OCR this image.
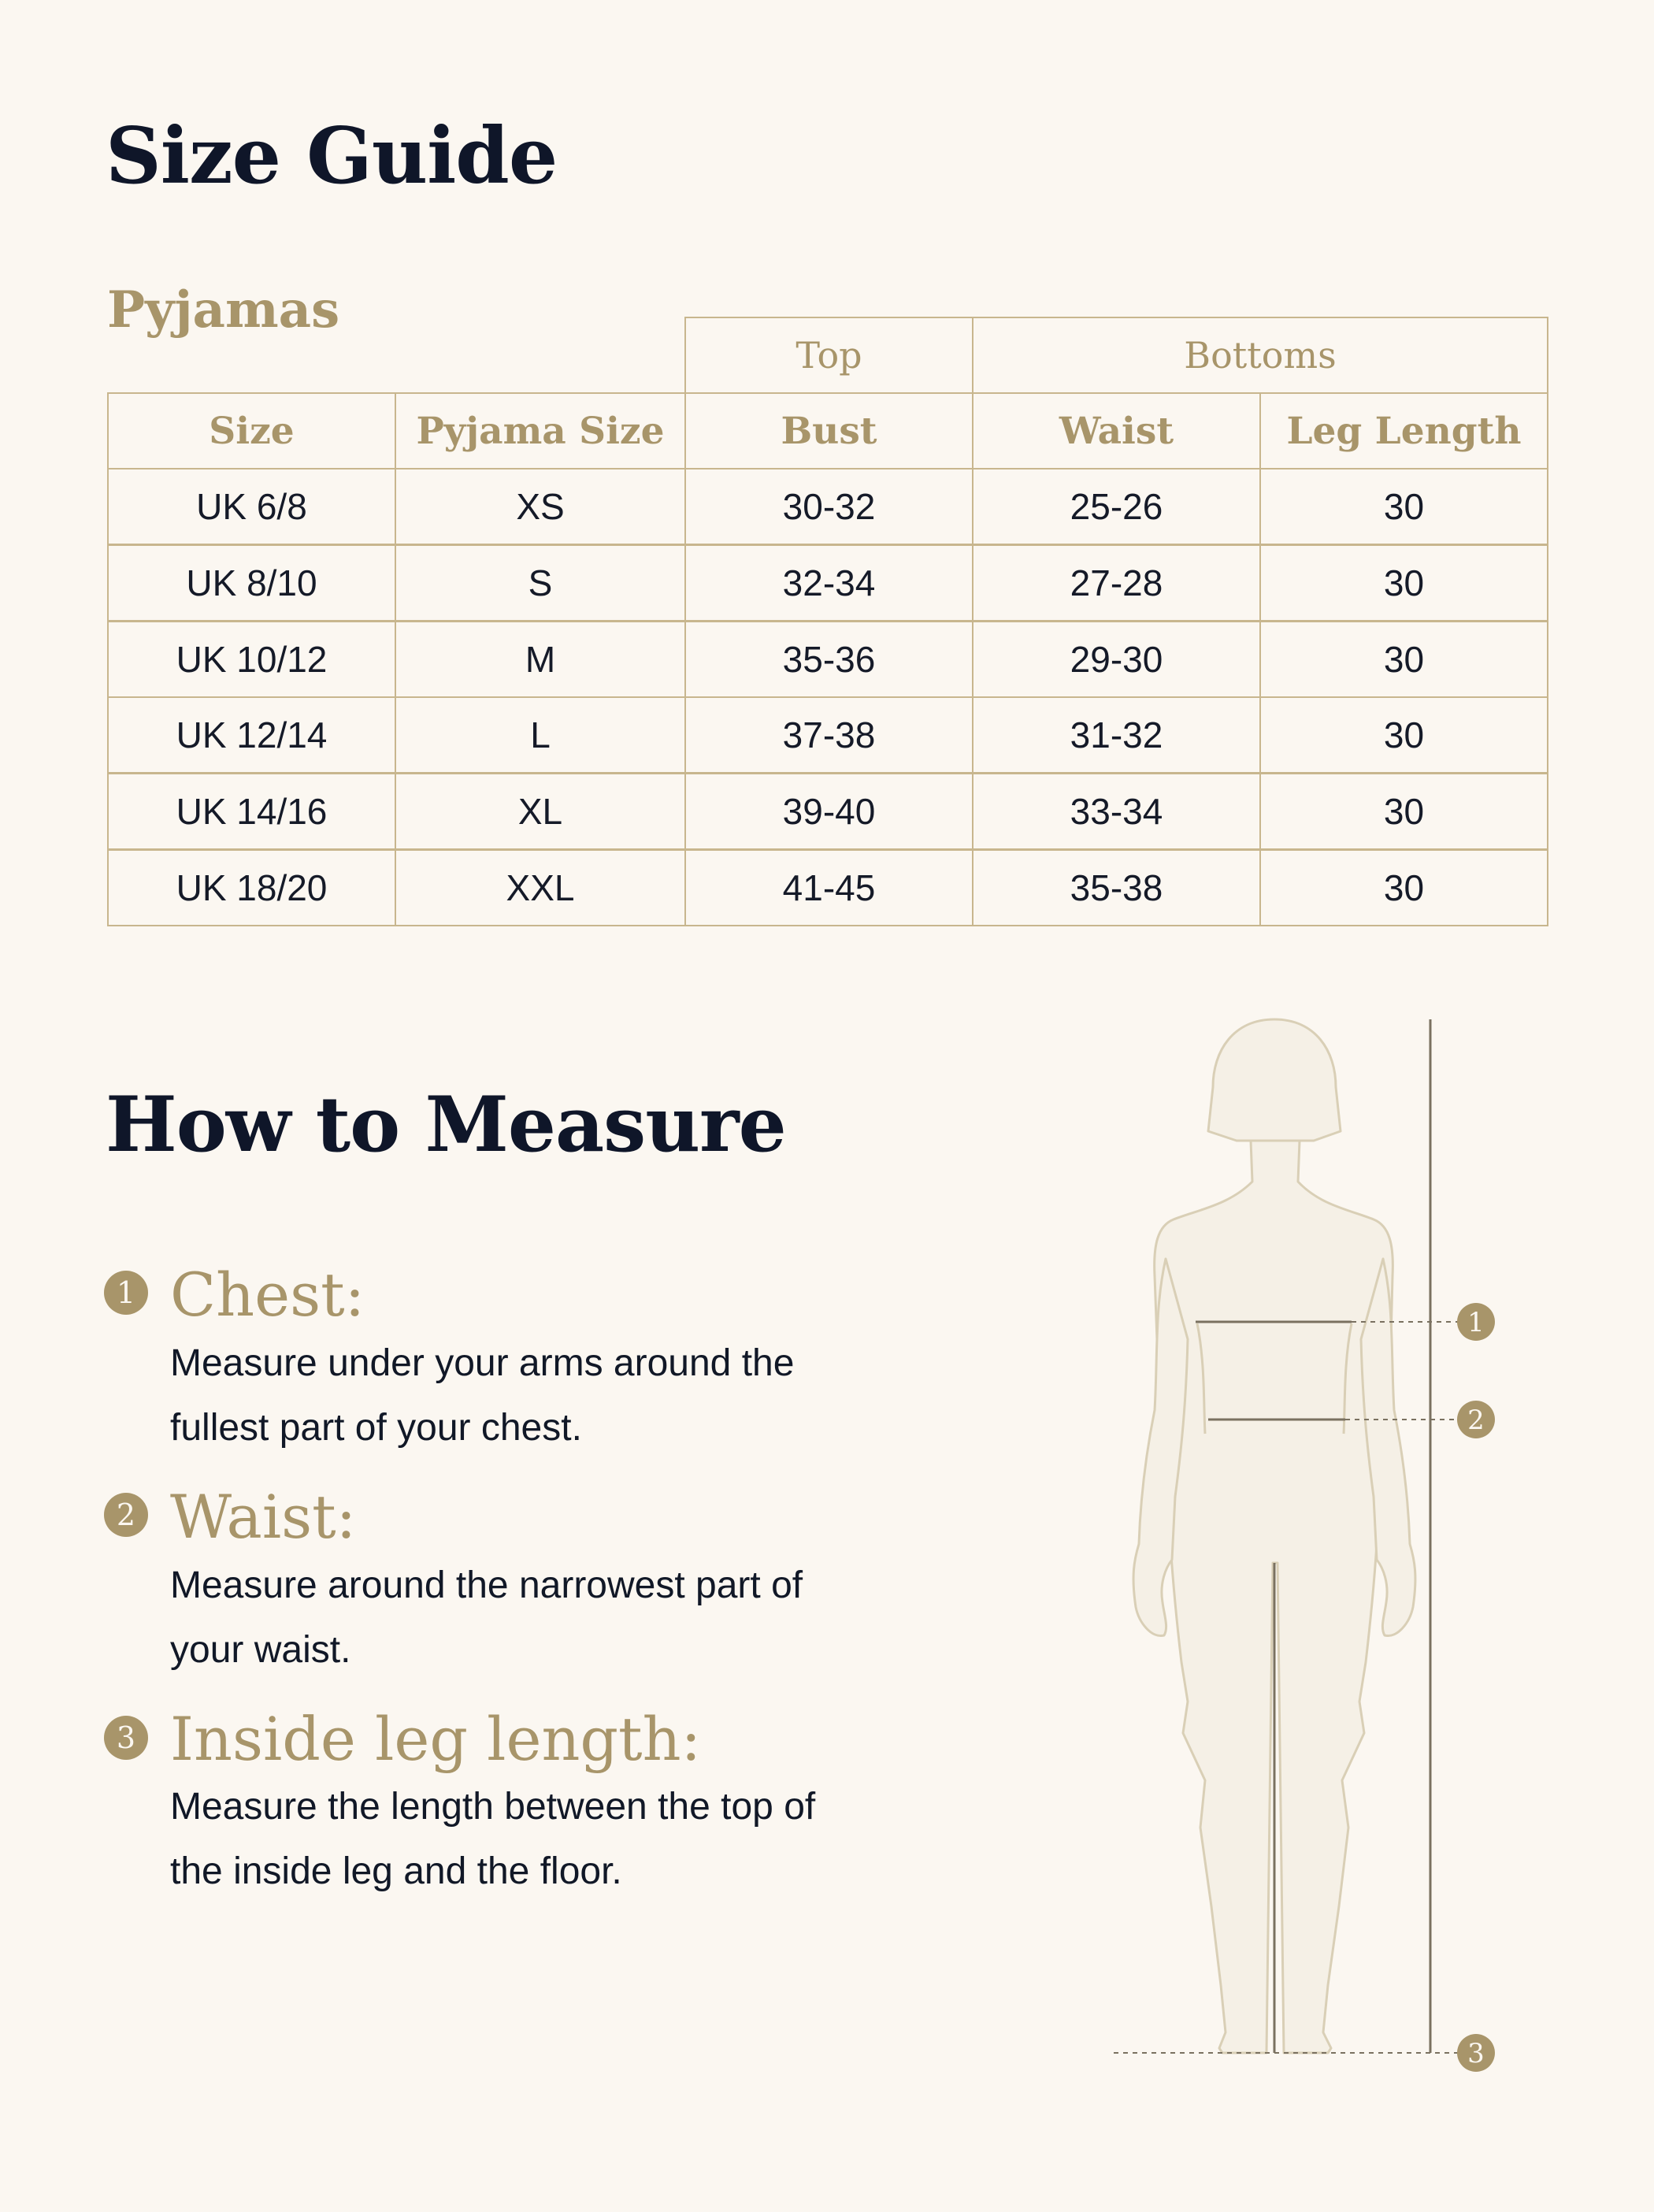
Size Guide
Pyjamas
Top	Bottoms
Size	Pyjama Size	Bust	Waist	Leg Length
UK 6/8	XS	30-32	25-26	30
UK 8/10	S	32-34	27-28	30
UK 10/12	M	35-36	29-30	30
UK 12/14	L	37-38	31-32	30
UK 14/16	XL	39-40	33-34	30
UK 18/20	XXL	41-45	35-38	30
How to Measure
1 Chest:
Measure under your arms around the
fullest part of your chest.
2 Waist:
Measure around the narrowest part of
your waist.
3 Inside leg length:
Measure the length between the top of
the inside leg and the floor.
1
2
3
